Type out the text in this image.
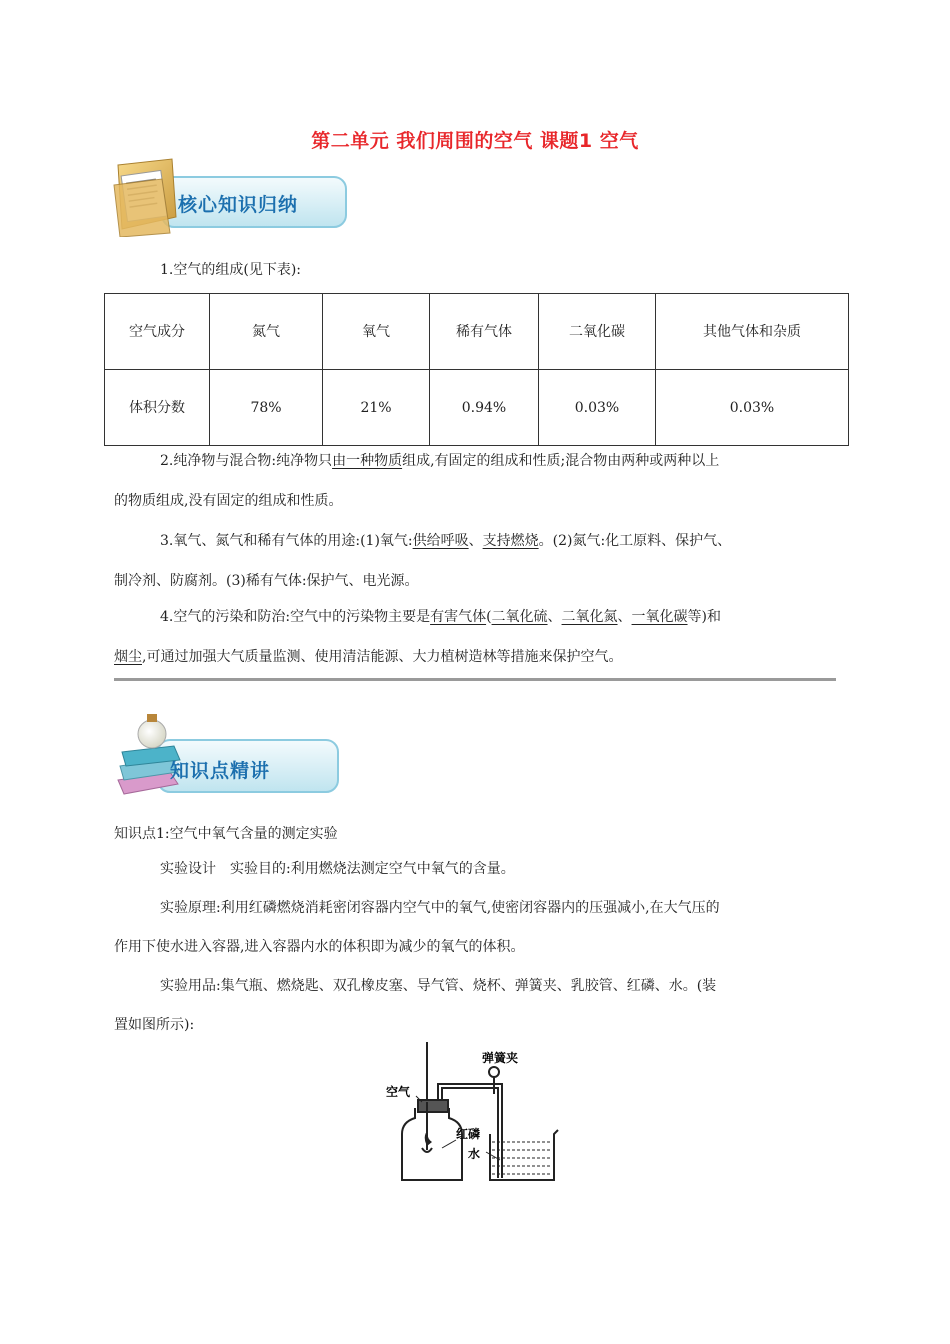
第二单元 我们周围的空气 课题1 空气
核心知识归纳
1.空气的组成(见下表):
空气成分	氮气	氧气	稀有气体	二氧化碳	其他气体和杂质
体积分数	78%	21%	0.94%	0.03%	0.03%
2.纯净物与混合物:纯净物只由一种物质组成,有固定的组成和性质;混合物由两种或两种以上
的物质组成,没有固定的组成和性质。
3.氧气、氮气和稀有气体的用途:(1)氧气:供给呼吸、支持燃烧。(2)氮气:化工原料、保护气、
制冷剂、防腐剂。(3)稀有气体:保护气、电光源。
4.空气的污染和防治:空气中的污染物主要是有害气体(二氧化硫、二氧化氮、一氧化碳等)和
烟尘,可通过加强大气质量监测、使用清洁能源、大力植树造林等措施来保护空气。
知识点精讲
知识点1:空气中氧气含量的测定实验
实验设计　实验目的:利用燃烧法测定空气中氧气的含量。
实验原理:利用红磷燃烧消耗密闭容器内空气中的氧气,使密闭容器内的压强减小,在大气压的
作用下使水进入容器,进入容器内水的体积即为减少的氧气的体积。
实验用品:集气瓶、燃烧匙、双孔橡皮塞、导气管、烧杯、弹簧夹、乳胶管、红磷、水。(装
置如图所示):
弹簧夹
空气
红磷
水
